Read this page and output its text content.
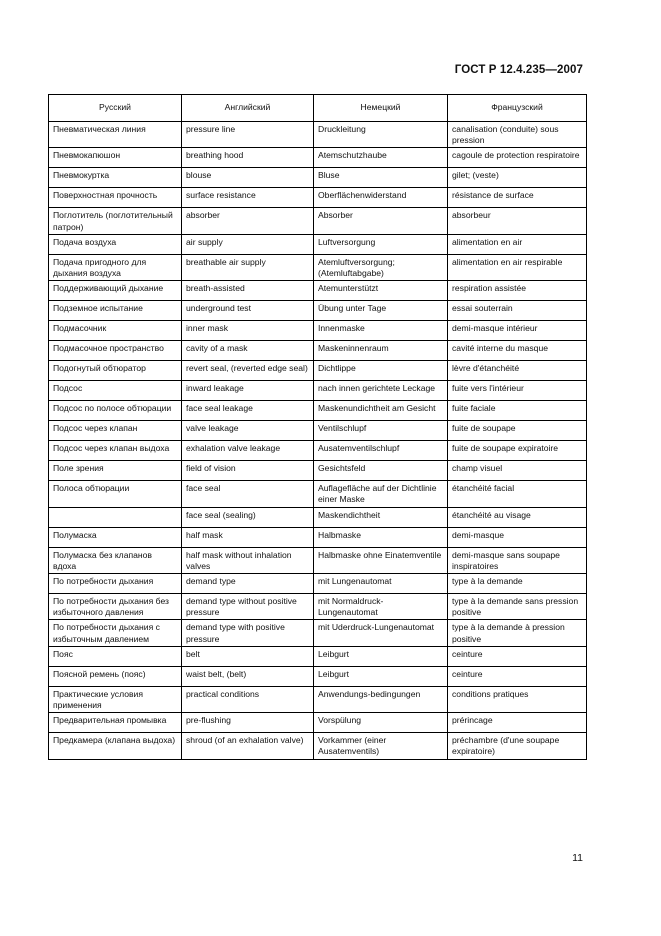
ГОСТ Р 12.4.235—2007
Русский	Английский	Немецкий	Французский
Пневматическая линия	pressure line	Druckleitung	canalisation (conduite) sous pression
Пневмокапюшон	breathing hood	Atemschutzhaube	cagoule de protection respiratoire
Пневмокуртка	blouse	Bluse	gilet; (veste)
Поверхностная прочность	surface resistance	Oberflächenwiderstand	résistance de surface
Поглотитель (поглотительный патрон)	absorber	Absorber	absorbeur
Подача воздуха	air supply	Luftversorgung	alimentation en air
Подача пригодного для дыхания воздуха	breathable air supply	Atemluftversorgung; (Atemluftabgabe)	alimentation en air respirable
Поддерживающий дыхание	breath-assisted	Atemunterstützt	respiration assistée
Подземное испытание	underground test	Übung unter Tage	essai souterrain
Подмасочник	inner mask	Innenmaske	demi-masque intérieur
Подмасочное пространство	cavity of a mask	Maskeninnenraum	cavité interne du masque
Подогнутый обтюратор	revert seal, (reverted edge seal)	Dichtlippe	lèvre d'étanchéité
Подсос	inward leakage	nach innen gerichtete Leckage	fuite vers l'intérieur
Подсос по полосе обтюрации	face seal leakage	Maskenundichtheit am Gesicht	fuite faciale
Подсос через клапан	valve leakage	Ventilschlupf	fuite de soupape
Подсос через клапан выдоха	exhalation valve leakage	Ausatemventilschlupf	fuite de soupape expiratoire
Поле зрения	field of vision	Gesichtsfeld	champ visuel
Полоса обтюрации	face seal	Auflagefläche auf der Dichtlinie einer Maske	étanchéité facial
	face seal (sealing)	Maskendichtheit	étanchéité au visage
Полумаска	half mask	Halbmaske	demi-masque
Полумаска без клапанов вдоха	half mask without inhalation valves	Halbmaske ohne Einatemventile	demi-masque sans soupape inspiratoires
По потребности дыхания	demand type	mit Lungenautomat	type à la demande
По потребности дыхания без избыточного давления	demand type without positive pressure	mit Normaldruck-Lungenautomat	type à la demande sans pression positive
По потребности дыхания с избыточным давлением	demand type with positive pressure	mit Uderdruck-Lungenautomat	type à la demande à pression positive
Пояс	belt	Leibgurt	ceinture
Поясной ремень (пояс)	waist belt, (belt)	Leibgurt	ceinture
Практические условия применения	practical conditions	Anwendungs-bedingungen	conditions pratiques
Предварительная промывка	pre-flushing	Vorspülung	prérincage
Предкамера (клапана выдоха)	shroud (of an exhalation valve)	Vorkammer (einer Ausatemventils)	préchambre (d'une soupape expiratoire)
11
